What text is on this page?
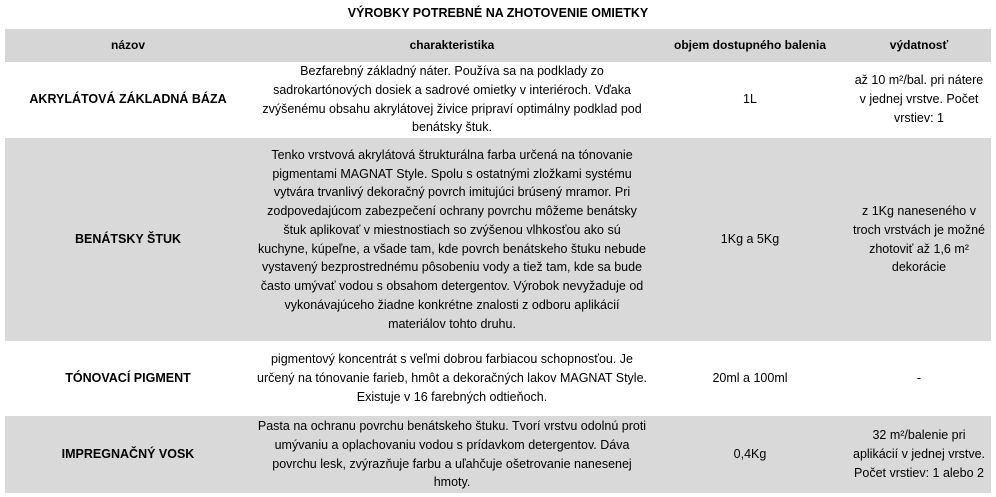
VÝROBKY POTREBNÉ NA ZHOTOVENIE OMIETKY
názov	charakteristika	objem dostupného balenia	výdatnosť
AKRYLÁTOVÁ ZÁKLADNÁ BÁZA	Bezfarebný základný náter. Používa sa na podklady zo sadrokartónových dosiek a sadrové omietky v interiéroch. Vďaka zvýšenému obsahu akrylátovej živice pripraví optimálny podklad pod benátsky štuk.	1L	až 10 m²/bal. pri nátere v jednej vrstve. Počet vrstiev: 1
BENÁTSKY ŠTUK	Tenko vrstvová akrylátová štrukturálna farba určená na tónovanie pigmentami MAGNAT Style. Spolu s ostatnými zložkami systému vytvára trvanlivý dekoračný povrch imitujúci brúsený mramor. Pri zodpovedajúcom zabezpečení ochrany povrchu môžeme benátsky štuk aplikovať v miestnostiach so zvýšenou vlhkosťou ako sú kuchyne, kúpeľne, a všade tam, kde povrch benátskeho štuku nebude vystavený bezprostrednému pôsobeniu vody a tiež tam, kde sa bude často umývať vodou s obsahom detergentov. Výrobok nevyžaduje od vykonávajúceho žiadne konkrétne znalosti z odboru aplikácií materiálov tohto druhu.	1Kg a 5Kg	z 1Kg naneseného v troch vrstvách je možné zhotoviť až 1,6 m² dekorácie
TÓNOVACÍ PIGMENT	pigmentový koncentrát s veľmi dobrou farbiacou schopnosťou. Je určený na tónovanie farieb, hmôt a dekoračných lakov MAGNAT Style. Existuje v 16 farebných odtieňoch.	20ml a 100ml	-
IMPREGNAČNÝ VOSK	Pasta na ochranu povrchu benátskeho štuku. Tvorí vrstvu odolnú proti umývaniu a oplachovaniu vodou s prídavkom detergentov. Dáva povrchu lesk, zvýrazňuje farbu a uľahčuje ošetrovanie nanesenej hmoty.	0,4Kg	32 m²/balenie pri aplikácií v jednej vrstve. Počet vrstiev: 1 alebo 2
